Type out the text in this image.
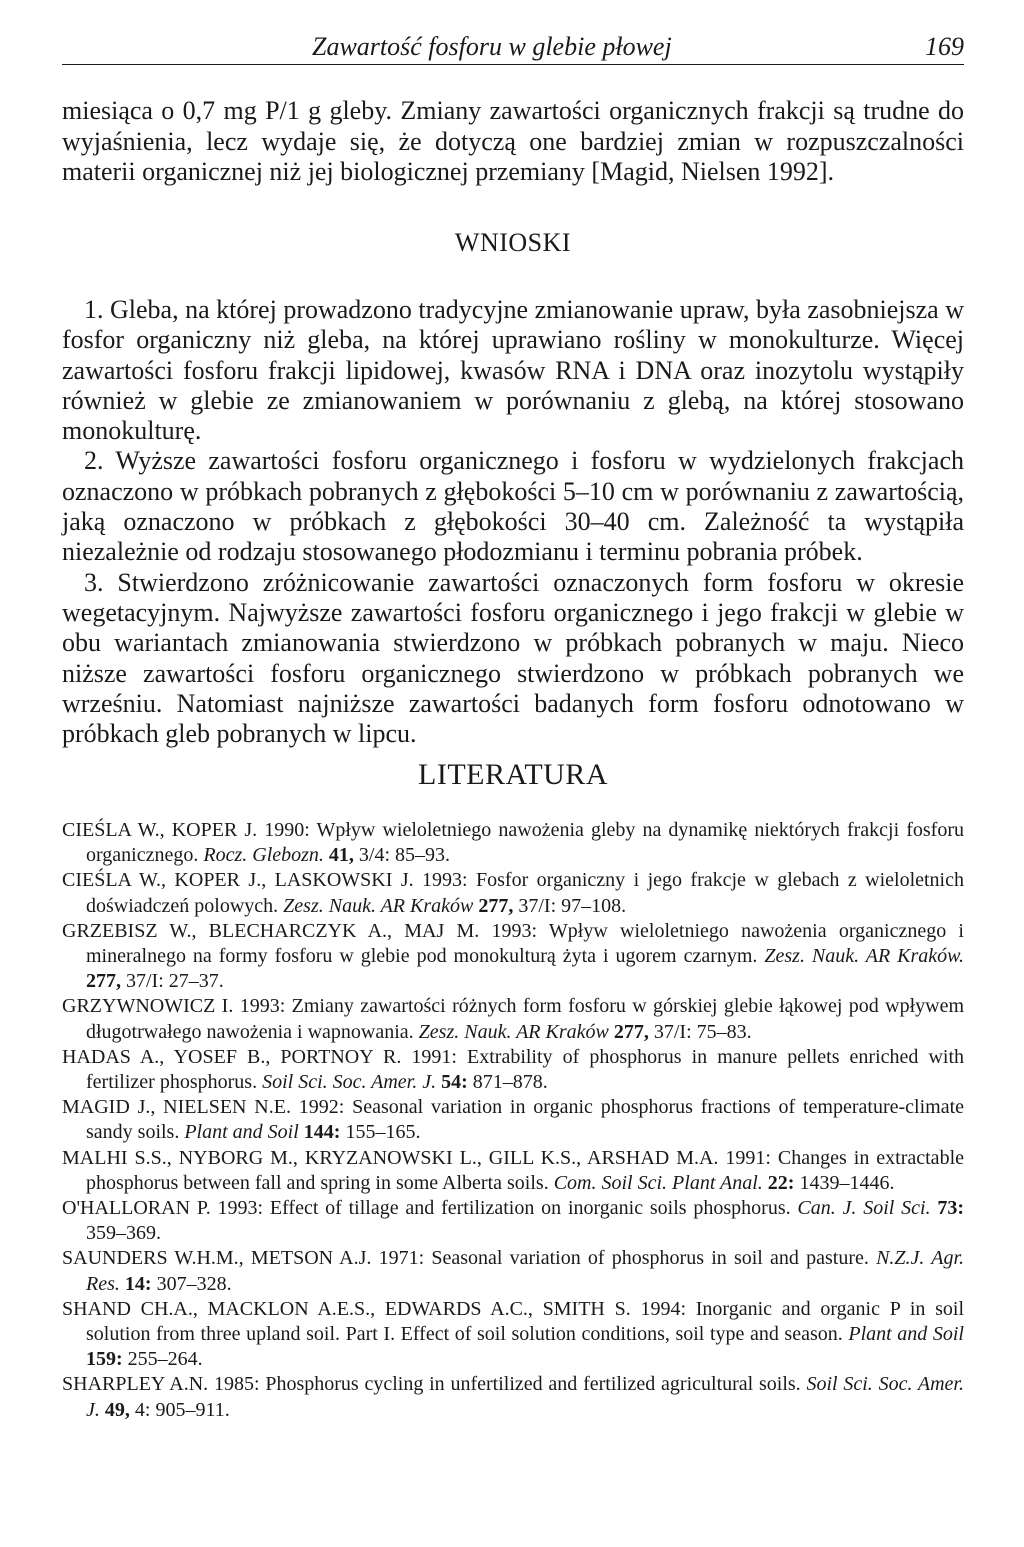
Zawartość fosforu w glebie płowej	169

miesiąca o 0,7 mg P/1 g gleby. Zmiany zawartości organicznych frakcji są trudne do wyjaśnienia, lecz wydaje się, że dotyczą one bardziej zmian w rozpuszczalności materii organicznej niż jej biologicznej przemiany [Magid, Nielsen 1992].

WNIOSKI

1. Gleba, na której prowadzono tradycyjne zmianowanie upraw, była zasobniejsza w fosfor organiczny niż gleba, na której uprawiano rośliny w monokulturze. Więcej zawartości fosforu frakcji lipidowej, kwasów RNA i DNA oraz inozytolu wystąpiły również w glebie ze zmianowaniem w porównaniu z glebą, na której stosowano monokulturę.

2. Wyższe zawartości fosforu organicznego i fosforu w wydzielonych frakcjach oznaczono w próbkach pobranych z głębokości 5–10 cm w porównaniu z zawartością, jaką oznaczono w próbkach z głębokości 30–40 cm. Zależność ta wystąpiła niezależnie od rodzaju stosowanego płodozmianu i terminu pobrania próbek.

3. Stwierdzono zróżnicowanie zawartości oznaczonych form fosforu w okresie wegetacyjnym. Najwyższe zawartości fosforu organicznego i jego frakcji w glebie w obu wariantach zmianowania stwierdzono w próbkach pobranych w maju. Nieco niższe zawartości fosforu organicznego stwierdzono w próbkach pobranych we wrześniu. Natomiast najniższe zawartości badanych form fosforu odnotowano w próbkach gleb pobranych w lipcu.

LITERATURA

CIEŚLA W., KOPER J. 1990: Wpływ wieloletniego nawożenia gleby na dynamikę niektórych frakcji fosforu organicznego. Rocz. Glebozn. 41, 3/4: 85–93.

CIEŚLA W., KOPER J., LASKOWSKI J. 1993: Fosfor organiczny i jego frakcje w glebach z wieloletnich doświadczeń polowych. Zesz. Nauk. AR Kraków 277, 37/I: 97–108.

GRZEBISZ W., BLECHARCZYK A., MAJ M. 1993: Wpływ wieloletniego nawożenia organicznego i mineralnego na formy fosforu w glebie pod monokulturą żyta i ugorem czarnym. Zesz. Nauk. AR Kraków. 277, 37/I: 27–37.

GRZYWNOWICZ I. 1993: Zmiany zawartości różnych form fosforu w górskiej glebie łąkowej pod wpływem długotrwałego nawożenia i wapnowania. Zesz. Nauk. AR Kraków 277, 37/I: 75–83.

HADAS A., YOSEF B., PORTNOY R. 1991: Extrability of phosphorus in manure pellets enriched with fertilizer phosphorus. Soil Sci. Soc. Amer. J. 54: 871–878.

MAGID J., NIELSEN N.E. 1992: Seasonal variation in organic phosphorus fractions of temperature-climate sandy soils. Plant and Soil 144: 155–165.

MALHI S.S., NYBORG M., KRYZANOWSKI L., GILL K.S., ARSHAD M.A. 1991: Changes in extractable phosphorus between fall and spring in some Alberta soils. Com. Soil Sci. Plant Anal. 22: 1439–1446.

O'HALLORAN P. 1993: Effect of tillage and fertilization on inorganic soils phosphorus. Can. J. Soil Sci. 73: 359–369.

SAUNDERS W.H.M., METSON A.J. 1971: Seasonal variation of phosphorus in soil and pasture. N.Z.J. Agr. Res. 14: 307–328.

SHAND CH.A., MACKLON A.E.S., EDWARDS A.C., SMITH S. 1994: Inorganic and organic P in soil solution from three upland soil. Part I. Effect of soil solution conditions, soil type and season. Plant and Soil 159: 255–264.

SHARPLEY A.N. 1985: Phosphorus cycling in unfertilized and fertilized agricultural soils. Soil Sci. Soc. Amer. J. 49, 4: 905–911.
